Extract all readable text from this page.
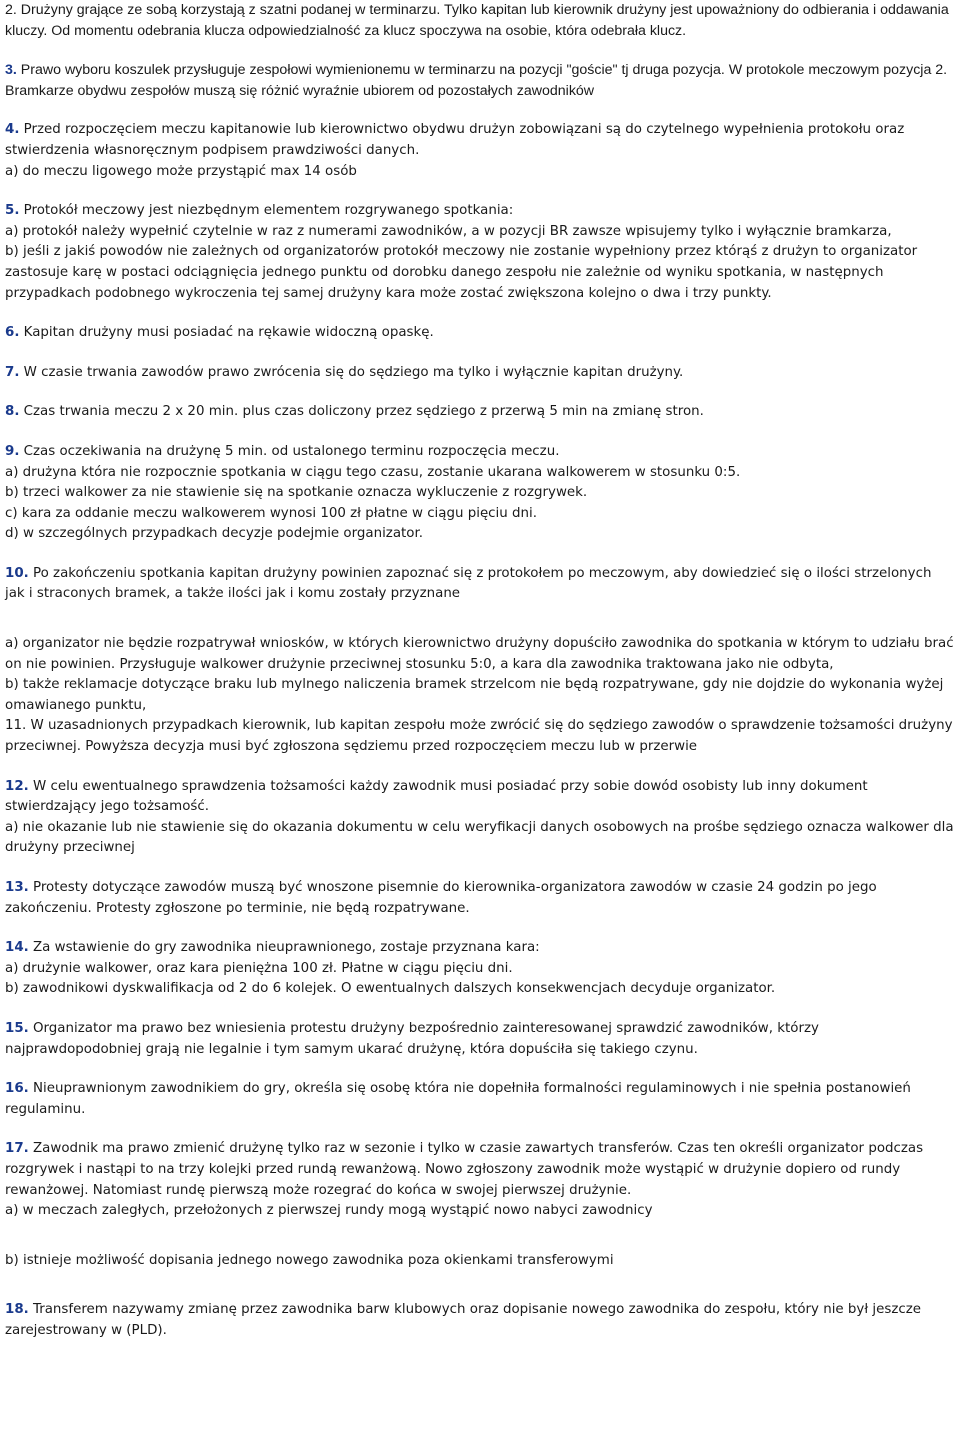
2. Drużyny grające ze sobą korzystają z szatni podanej w terminarzu. Tylko kapitan lub kierownik drużyny jest upoważniony do odbierania i oddawania kluczy. Od momentu odebrania klucza odpowiedzialność za klucz spoczywa na osobie, która odebrała klucz.

3. Prawo wyboru koszulek przysługuje zespołowi wymienionemu w terminarzu na pozycji "goście" tj druga pozycja. W protokole meczowym pozycja 2. Bramkarze obydwu zespołów muszą się różnić wyraźnie ubiorem od pozostałych zawodników

4. Przed rozpoczęciem meczu kapitanowie lub kierownictwo obydwu drużyn zobowiązani są do czytelnego wypełnienia protokołu oraz stwierdzenia własnoręcznym podpisem prawdziwości danych.

a) do meczu ligowego może przystąpić max 14 osób

5. Protokół meczowy jest niezbędnym elementem rozgrywanego spotkania:

a) protokół należy wypełnić czytelnie w raz z numerami zawodników, a w pozycji BR zawsze wpisujemy tylko i wyłącznie bramkarza,

b) jeśli z jakiś powodów nie zależnych od organizatorów protokół meczowy nie zostanie wypełniony przez którąś z drużyn to organizator zastosuje karę w postaci odciągnięcia jednego punktu od dorobku danego zespołu nie zależnie od wyniku spotkania, w następnych przypadkach podobnego wykroczenia tej samej drużyny kara może zostać zwiększona kolejno o dwa i trzy punkty.

6. Kapitan drużyny musi posiadać na rękawie widoczną opaskę.

7. W czasie trwania zawodów prawo zwrócenia się do sędziego ma tylko i wyłącznie kapitan drużyny.

8. Czas trwania meczu 2 x 20 min. plus czas doliczony przez sędziego z przerwą 5 min na zmianę stron.

9. Czas oczekiwania na drużynę 5 min. od ustalonego terminu rozpoczęcia meczu.

a) drużyna która nie rozpocznie spotkania w ciągu tego czasu, zostanie ukarana walkowerem w stosunku 0:5.

b) trzeci walkower za nie stawienie się na spotkanie oznacza wykluczenie z rozgrywek.

c) kara za oddanie meczu walkowerem wynosi 100 zł płatne w ciągu pięciu dni.

d) w szczególnych przypadkach decyzje podejmie organizator.

10. Po zakończeniu spotkania kapitan drużyny powinien zapoznać się z protokołem po meczowym, aby dowiedzieć się o ilości strzelonych jak i straconych bramek, a także ilości jak i komu zostały przyznane

a) organizator nie będzie rozpatrywał wniosków, w których kierownictwo drużyny dopuściło zawodnika do spotkania w którym to udziału brać on nie powinien. Przysługuje walkower drużynie przeciwnej stosunku 5:0, a kara dla zawodnika traktowana jako nie odbyta,

b) także reklamacje dotyczące braku lub mylnego naliczenia bramek strzelcom nie będą rozpatrywane, gdy nie dojdzie do wykonania wyżej omawianego punktu,

11. W uzasadnionych przypadkach kierownik, lub kapitan zespołu może zwrócić się do sędziego zawodów o sprawdzenie tożsamości drużyny przeciwnej. Powyższa decyzja musi być zgłoszona sędziemu przed rozpoczęciem meczu lub w przerwie

12. W celu ewentualnego sprawdzenia tożsamości każdy zawodnik musi posiadać przy sobie dowód osobisty lub inny dokument stwierdzający jego tożsamość.

a) nie okazanie lub nie stawienie się do okazania dokumentu w celu weryfikacji danych osobowych na prośbe sędziego oznacza walkower dla drużyny przeciwnej

13. Protesty dotyczące zawodów muszą być wnoszone pisemnie do kierownika-organizatora zawodów w czasie 24 godzin po jego zakończeniu. Protesty zgłoszone po terminie, nie będą rozpatrywane.

14. Za wstawienie do gry zawodnika nieuprawnionego, zostaje przyznana kara:

a) drużynie walkower, oraz kara pieniężna 100 zł. Płatne w ciągu pięciu dni.

b) zawodnikowi dyskwalifikacja od 2 do 6 kolejek. O ewentualnych dalszych konsekwencjach decyduje organizator.

15. Organizator ma prawo bez wniesienia protestu drużyny bezpośrednio zainteresowanej sprawdzić zawodników, którzy najprawdopodobniej grają nie legalnie i tym samym ukarać drużynę, która dopuściła się takiego czynu.

16. Nieuprawnionym zawodnikiem do gry, określa się osobę która nie dopełniła formalności regulaminowych i nie spełnia postanowień regulaminu.

17. Zawodnik ma prawo zmienić drużynę tylko raz w sezonie i tylko w czasie zawartych transferów. Czas ten określi organizator podczas rozgrywek i nastąpi to na trzy kolejki przed rundą rewanżową. Nowo zgłoszony zawodnik może wystąpić w drużynie dopiero od rundy rewanżowej. Natomiast rundę pierwszą może rozegrać do końca w swojej pierwszej drużynie.

a) w meczach zaległych, przełożonych z pierwszej rundy mogą wystąpić nowo nabyci zawodnicy

b) istnieje możliwość dopisania jednego nowego zawodnika poza okienkami transferowymi

18. Transferem nazywamy zmianę przez zawodnika barw klubowych oraz dopisanie nowego zawodnika do zespołu, który nie był jeszcze zarejestrowany w (PLD).
